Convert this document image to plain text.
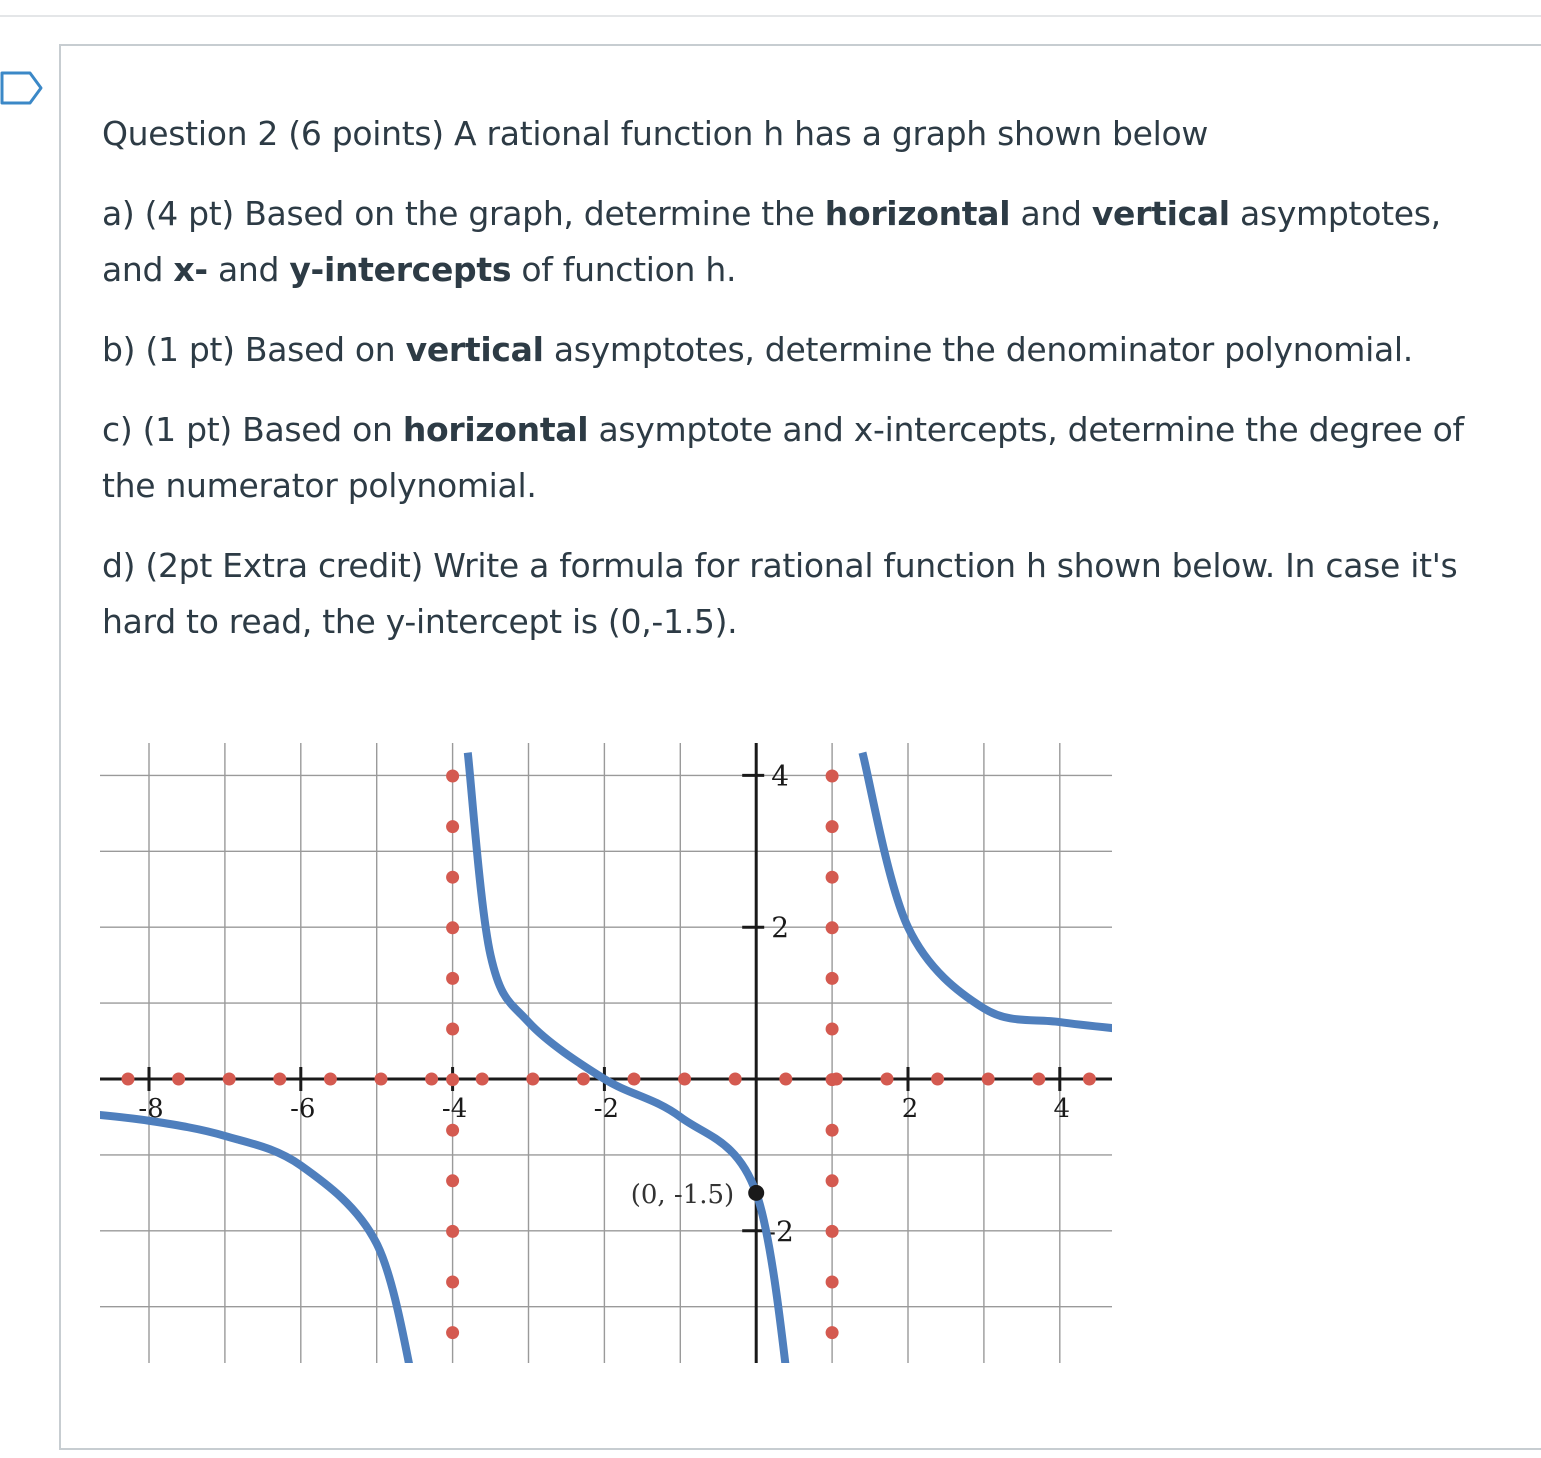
Question 2 (6 points) A rational function h has a graph shown below

a) (4 pt) Based on the graph, determine the horizontal and vertical asymptotes, and x- and y-intercepts of function h.

b) (1 pt) Based on vertical asymptotes, determine the denominator polynomial.

c) (1 pt) Based on horizontal asymptote and x-intercepts, determine the degree of the numerator polynomial.

d) (2pt Extra credit) Write a formula for rational function h shown below. In case it's hard to read, the y-intercept is (0,-1.5).

-8	-6	-4	-2	2	4
4
2
-2
(0, -1.5)
